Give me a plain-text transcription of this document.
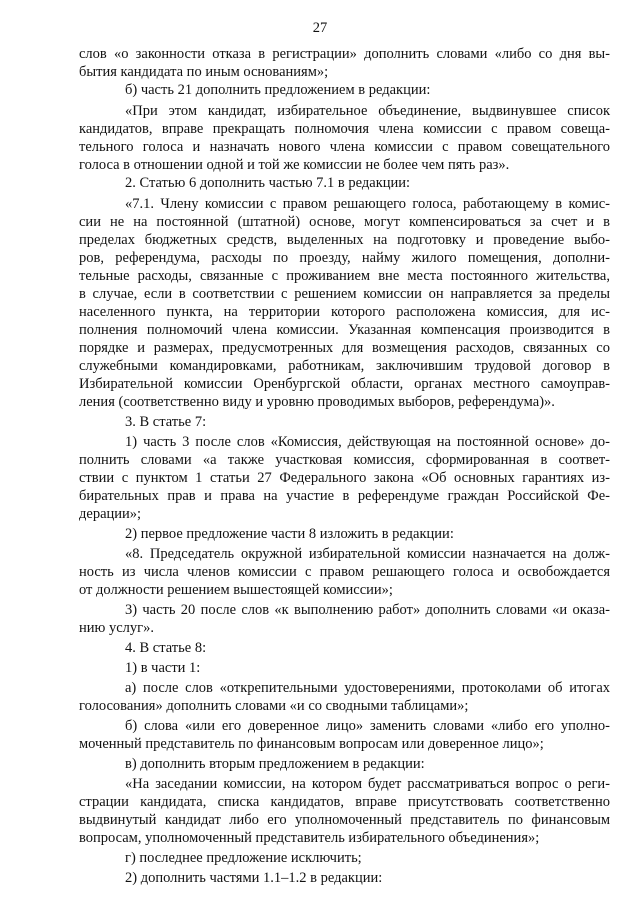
27
слов «о законности отказа в регистрации» дополнить словами «либо со дня вы-
бытия кандидата по иным основаниям»;
б) часть 21 дополнить предложением в редакции:
«При этом кандидат, избирательное объединение, выдвинувшее список
кандидатов, вправе прекращать полномочия члена комиссии с правом совеща-
тельного голоса и назначать нового члена комиссии с правом совещательного
голоса в отношении одной и той же комиссии не более чем пять раз».
2. Статью 6 дополнить частью 7.1 в редакции:
«7.1. Члену комиссии с правом решающего голоса, работающему в комис-
сии не на постоянной (штатной) основе, могут компенсироваться за счет и в
пределах бюджетных средств, выделенных на подготовку и проведение выбо-
ров, референдума, расходы по проезду, найму жилого помещения, дополни-
тельные расходы, связанные с проживанием вне места постоянного жительства,
в случае, если в соответствии с решением комиссии он направляется за пределы
населенного пункта, на территории которого расположена комиссия, для ис-
полнения полномочий члена комиссии. Указанная компенсация производится в
порядке и размерах, предусмотренных для возмещения расходов, связанных со
служебными командировками, работникам, заключившим трудовой договор в
Избирательной комиссии Оренбургской области, органах местного самоуправ-
ления (соответственно виду и уровню проводимых выборов, референдума)».
3. В статье 7:
1) часть 3 после слов «Комиссия, действующая на постоянной основе» до-
полнить словами «а также участковая комиссия, сформированная в соответ-
ствии с пунктом 1 статьи 27 Федерального закона «Об основных гарантиях из-
бирательных прав и права на участие в референдуме граждан Российской Фе-
дерации»;
2) первое предложение части 8 изложить в редакции:
«8. Председатель окружной избирательной комиссии назначается на долж-
ность из числа членов комиссии с правом решающего голоса и освобождается
от должности решением вышестоящей комиссии»;
3) часть 20 после слов «к выполнению работ» дополнить словами «и оказа-
нию услуг».
4. В статье 8:
1) в части 1:
а) после слов «открепительными удостоверениями, протоколами об итогах
голосования» дополнить словами «и со сводными таблицами»;
б) слова «или его доверенное лицо» заменить словами «либо его уполно-
моченный представитель по финансовым вопросам или доверенное лицо»;
в) дополнить вторым предложением в редакции:
«На заседании комиссии, на котором будет рассматриваться вопрос о реги-
страции кандидата, списка кандидатов, вправе присутствовать соответственно
выдвинутый кандидат либо его уполномоченный представитель по финансовым
вопросам, уполномоченный представитель избирательного объединения»;
г) последнее предложение исключить;
2) дополнить частями 1.1–1.2 в редакции:
